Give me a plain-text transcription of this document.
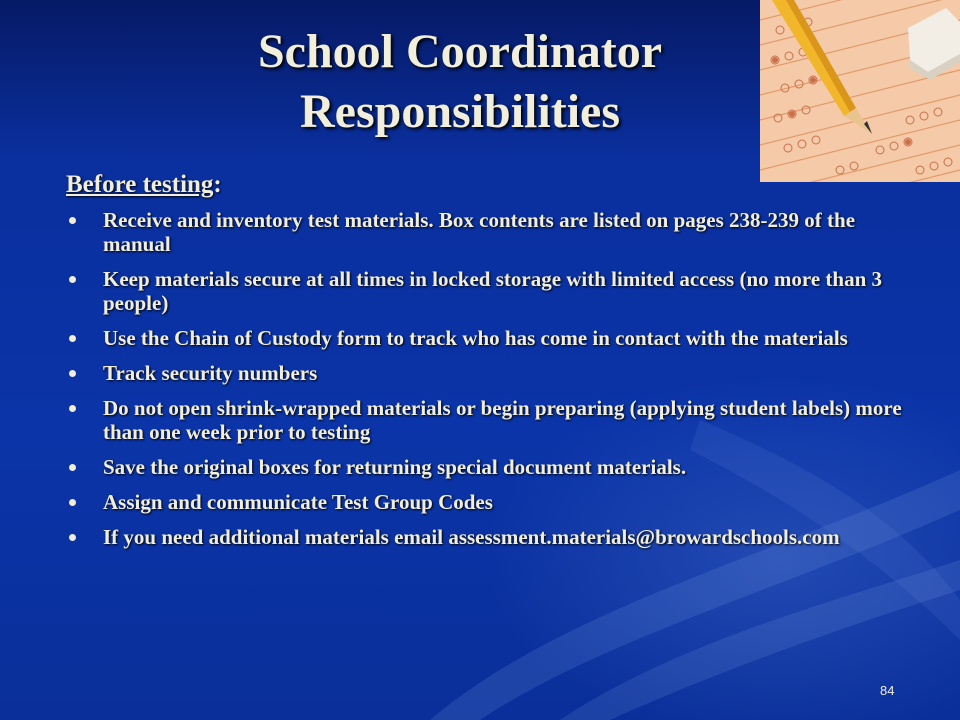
School Coordinator
Responsibilities
Before testing:
Receive and inventory test materials. Box contents are listed on pages 238-239 of the manual
Keep materials secure at all times in locked storage with limited access (no more than 3 people)
Use the Chain of Custody form to track who has come in contact with the materials
Track security numbers
Do not open shrink-wrapped materials or begin preparing (applying student labels) more than one week prior to testing
Save the original boxes for returning special document materials.
Assign and communicate Test Group Codes
If you need additional materials email assessment.materials@browardschools.com
84
